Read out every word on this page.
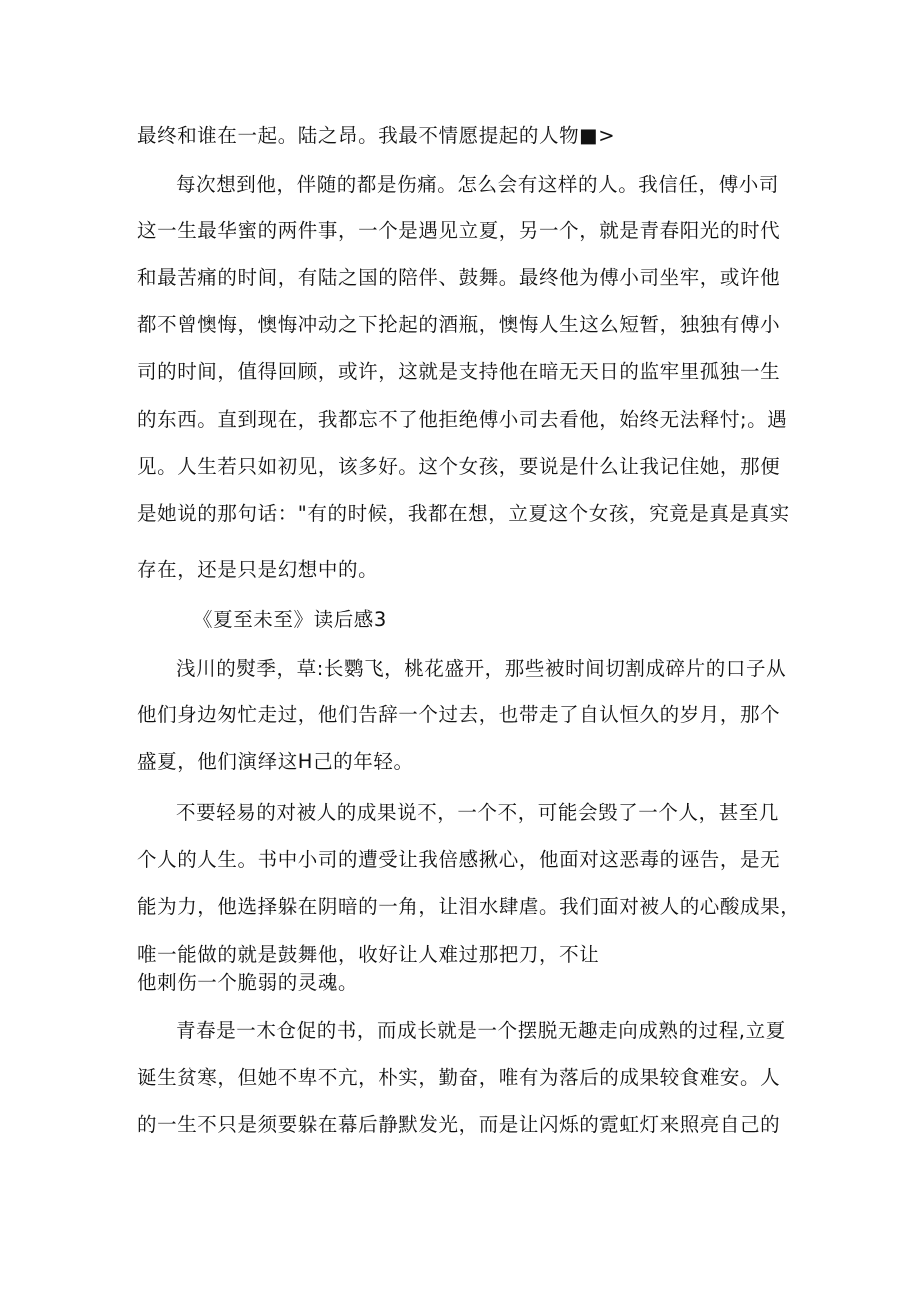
最终和谁在一起。陆之昂。我最不情愿提起的人物■>
每次想到他，伴随的都是伤痛。怎么会有这样的人。我信任，傅小司
这一生最华蜜的两件事，一个是遇见立夏，另一个，就是青春阳光的时代
和最苦痛的时间，有陆之国的陪伴、鼓舞。最终他为傅小司坐牢，或许他
都不曾懊悔，懊悔冲动之下抡起的酒瓶，懊悔人生这么短暂，独独有傅小
司的时间，值得回顾，或许，这就是支持他在暗无天日的监牢里孤独一生
的东西。直到现在，我都忘不了他拒绝傅小司去看他，始终无法释忖;。遇
见。人生若只如初见，该多好。这个女孩，要说是什么让我记住她，那便
是她说的那句话："有的时候，我都在想，立夏这个女孩，究竟是真是真实
存在，还是只是幻想中的。
《夏至未至》读后感3
浅川的熨季，草:长鹦飞，桃花盛开，那些被时间切割成碎片的口子从
他们身边匆忙走过，他们告辞一个过去，也带走了自认恒久的岁月，那个
盛夏，他们演绎这H己的年轻。
不要轻易的对被人的成果说不，一个不，可能会毁了一个人，甚至几
个人的人生。书中小司的遭受让我倍感揪心，他面对这恶毒的诬告，是无
能为力，他选择躲在阴暗的一角，让泪水肆虐。我们面对被人的心酸成果，
唯一能做的就是鼓舞他，收好让人难过那把刀，不让
他刺伤一个脆弱的灵魂。
青春是一木仓促的书，而成长就是一个摆脱无趣走向成熟的过程,立夏
诞生贫寒，但她不卑不亢，朴实，勤奋，唯有为落后的成果较食难安。人
的一生不只是须要躲在幕后静默发光，而是让闪烁的霓虹灯来照亮自己的
